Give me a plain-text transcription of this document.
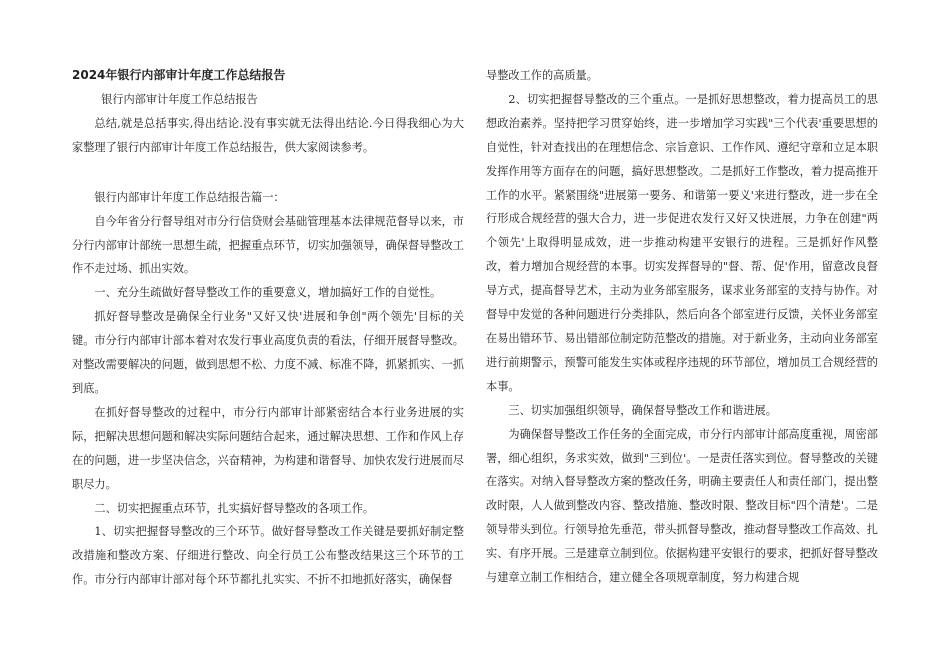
2024年银行内部审计年度工作总结报告

银行内部审计年度工作总结报告

总结,就是总括事实,得出结论.没有事实就无法得出结论.今日得我细心为大家整理了银行内部审计年度工作总结报告，供大家阅读参考。

银行内部审计年度工作总结报告篇一：

自今年省分行督导组对市分行信贷财会基础管理基本法律规范督导以来，市分行内部审计部统一思想生疏，把握重点环节，切实加强领导，确保督导整改工作不走过场、抓出实效。

一、充分生疏做好督导整改工作的重要意义，增加搞好工作的自觉性。

抓好督导整改是确保全行业务"又好又快'进展和争创"两个领先'目标的关键。市分行内部审计部本着对农发行事业高度负责的看法，仔细开展督导整改。对整改需要解决的问题，做到思想不松、力度不减、标准不降，抓紧抓实、一抓到底。

在抓好督导整改的过程中，市分行内部审计部紧密结合本行业务进展的实际，把解决思想问题和解决实际问题结合起来，通过解决思想、工作和作风上存在的问题，进一步坚决信念，兴奋精神，为构建和谐督导、加快农发行进展而尽职尽力。

二、切实把握重点环节，扎实搞好督导整改的各项工作。

1、切实把握督导整改的三个环节。做好督导整改工作关键是要抓好制定整改措施和整改方案、仔细进行整改、向全行员工公布整改结果这三个环节的工作。市分行内部审计部对每个环节都扎扎实实、不折不扣地抓好落实，确保督

导整改工作的高质量。

2、切实把握督导整改的三个重点。一是抓好思想整改，着力提高员工的思想政治素养。坚持把学习贯穿始终，进一步增加学习实践"三个代表'重要思想的自觉性，针对查找出的在理想信念、宗旨意识、工作作风、遵纪守章和立足本职发挥作用等方面存在的问题，搞好思想整改。二是抓好工作整改，着力提高推开工作的水平。紧紧围绕"进展第一要务、和谐第一要义'来进行整改，进一步在全行形成合规经营的强大合力，进一步促进农发行又好又快进展，力争在创建"两个领先'上取得明显成效，进一步推动构建平安银行的进程。三是抓好作风整改，着力增加合规经营的本事。切实发挥督导的"督、帮、促'作用，留意改良督导方式，提高督导艺术，主动为业务部室服务，谋求业务部室的支持与协作。对督导中发觉的各种问题进行分类排队，然后向各个部室进行反馈，关怀业务部室在易出错环节、易出错部位制定防范整改的措施。对于新业务，主动向业务部室进行前期警示，预警可能发生实体或程序违规的环节部位，增加员工合规经营的本事。

三、切实加强组织领导，确保督导整改工作和谐进展。

为确保督导整改工作任务的全面完成，市分行内部审计部高度重视，周密部署，细心组织，务求实效，做到"三到位'。一是责任落实到位。督导整改的关键在落实。对纳入督导整改方案的整改任务，明确主要责任人和责任部门，提出整改时限，人人做到整改内容、整改措施、整改时限、整改目标"四个清楚'。二是领导带头到位。行领导抢先垂范，带头抓督导整改，推动督导整改工作高效、扎实、有序开展。三是建章立制到位。依据构建平安银行的要求，把抓好督导整改与建章立制工作相结合，建立健全各项规章制度，努力构建合规
